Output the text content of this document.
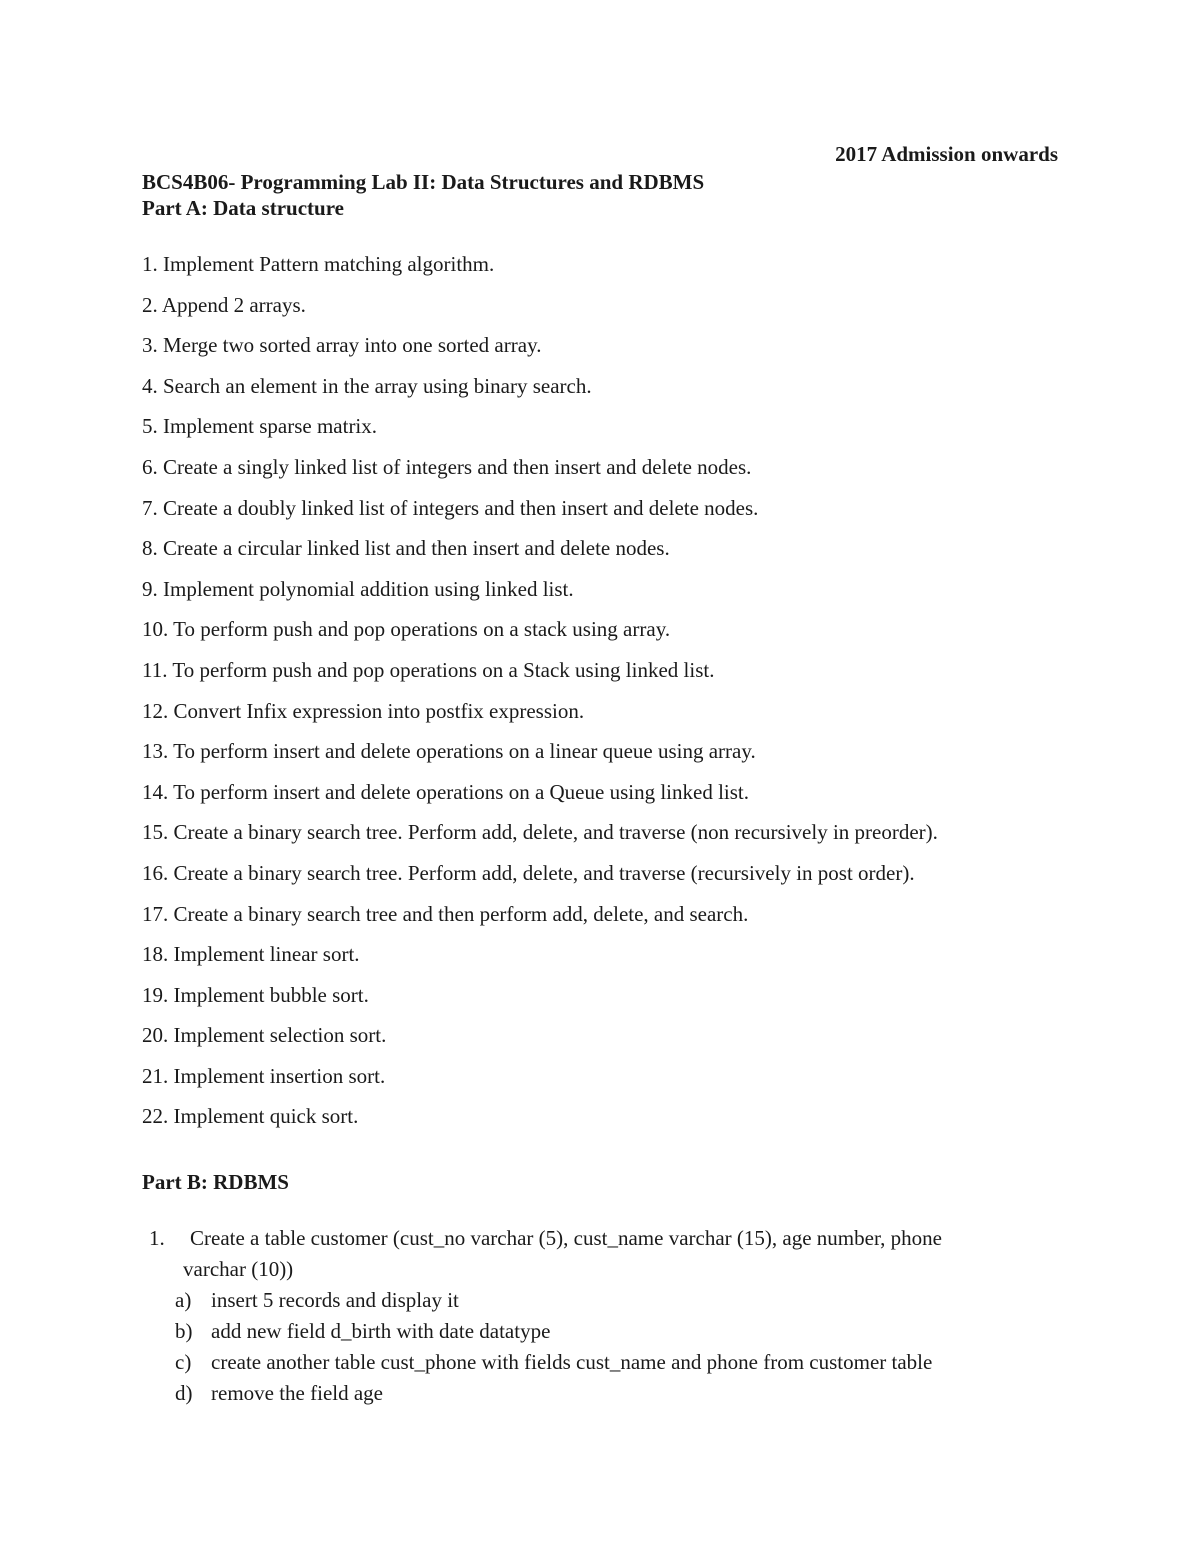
2017 Admission onwards
BCS4B06- Programming Lab II: Data Structures and RDBMS
Part A: Data structure
1. Implement Pattern matching algorithm.
2. Append 2 arrays.
3. Merge two sorted array into one sorted array.
4. Search an element in the array using binary search.
5. Implement sparse matrix.
6. Create a singly linked list of integers and then insert and delete nodes.
7. Create a doubly linked list of integers and then insert and delete nodes.
8. Create a circular linked list and then insert and delete nodes.
9. Implement polynomial addition using linked list.
10. To perform push and pop operations on a stack using array.
11. To perform push and pop operations on a Stack using linked list.
12. Convert Infix expression into postfix expression.
13. To perform insert and delete operations on a linear queue using array.
14. To perform insert and delete operations on a Queue using linked list.
15. Create a binary search tree. Perform add, delete, and traverse (non recursively in preorder).
16. Create a binary search tree. Perform add, delete, and traverse (recursively in post order).
17. Create a binary search tree and then perform add, delete, and search.
18. Implement linear sort.
19. Implement bubble sort.
20. Implement selection sort.
21. Implement insertion sort.
22. Implement quick sort.
Part B: RDBMS
1. Create a table customer (cust_no varchar (5), cust_name varchar (15), age number, phone
varchar (10))
a) insert 5 records and display it
b) add new field d_birth with date datatype
c) create another table cust_phone with fields cust_name and phone from customer table
d) remove the field age
